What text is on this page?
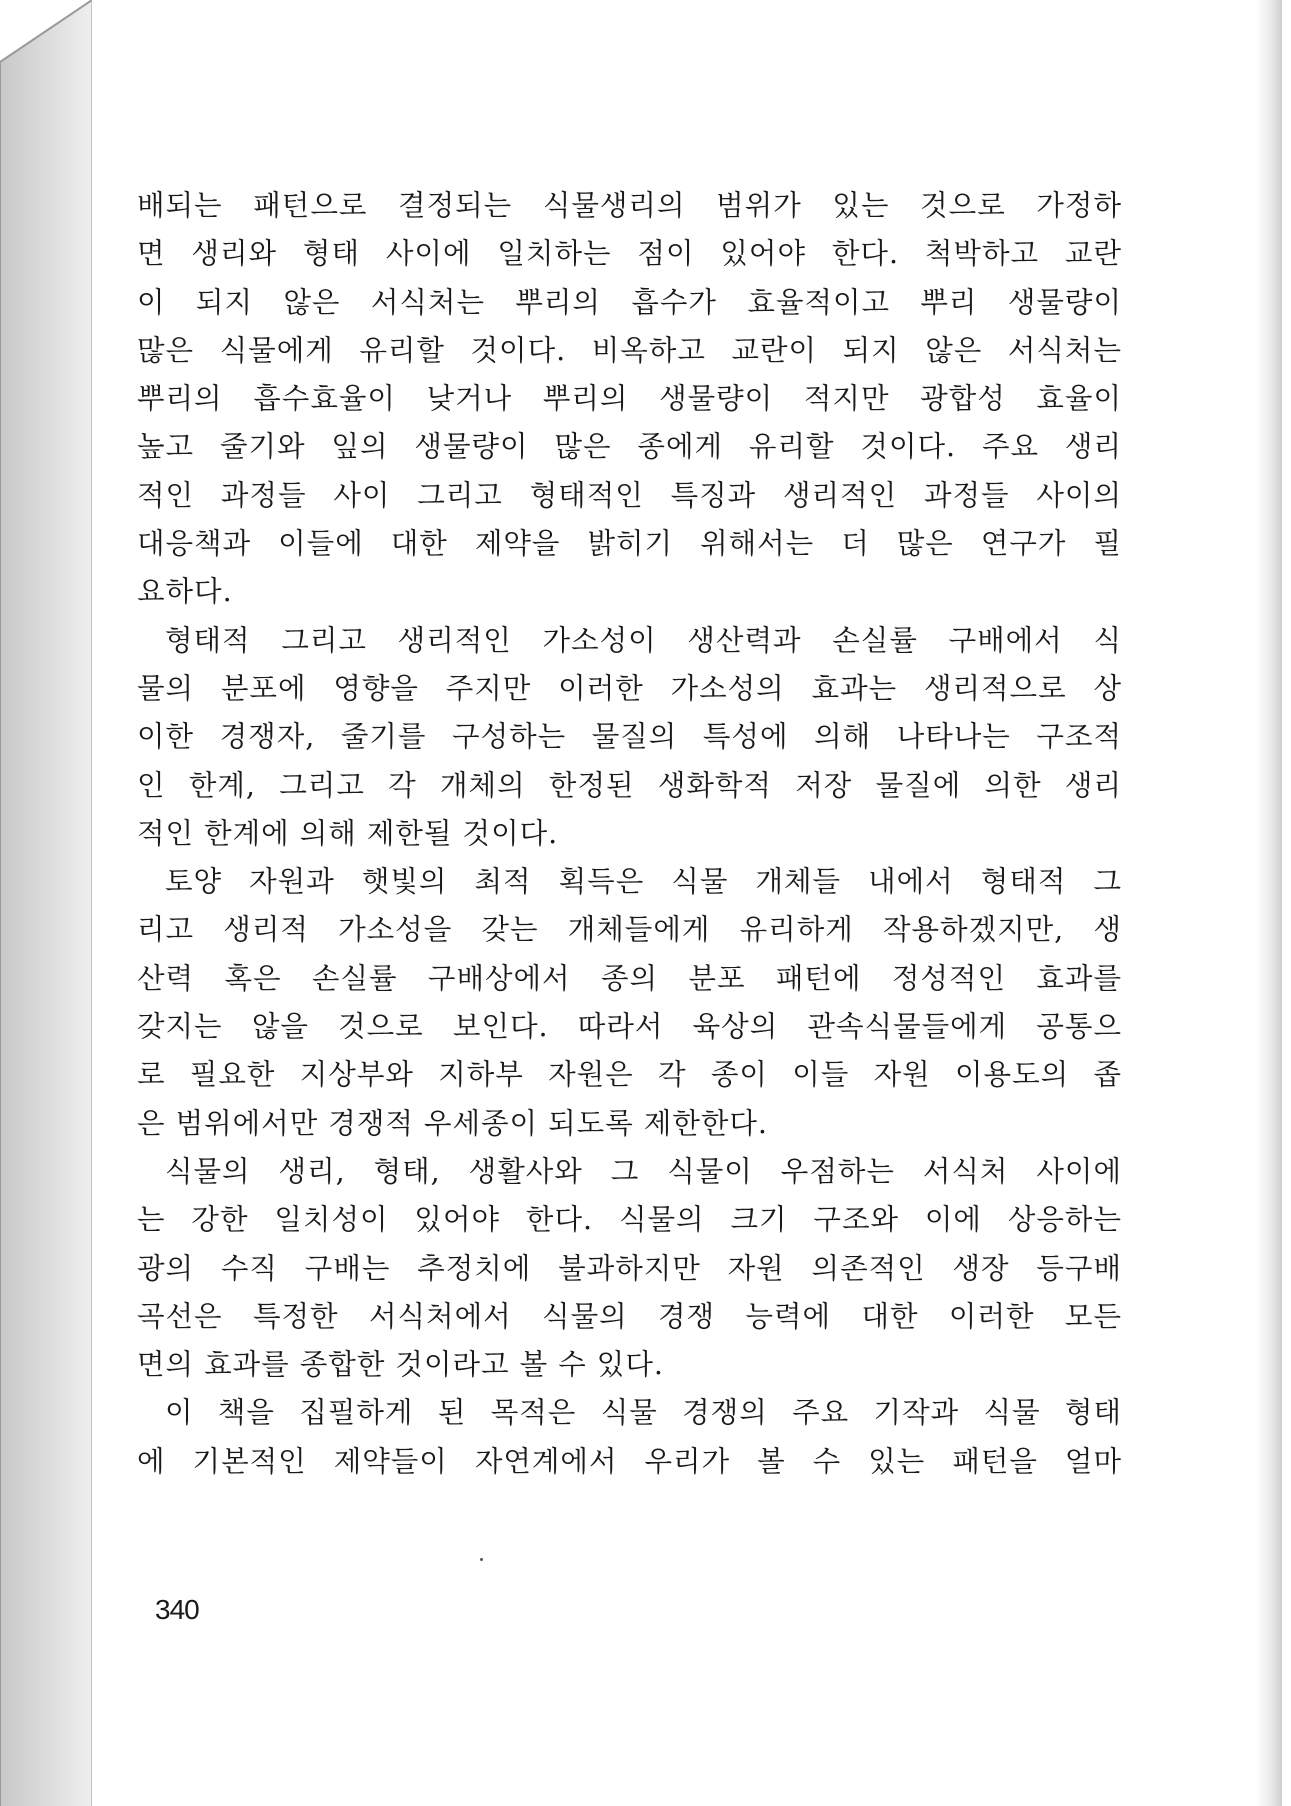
배되는 패턴으로 결정되는 식물생리의 범위가 있는 것으로 가정하
면 생리와 형태 사이에 일치하는 점이 있어야 한다. 척박하고 교란
이 되지 않은 서식처는 뿌리의 흡수가 효율적이고 뿌리 생물량이
많은 식물에게 유리할 것이다. 비옥하고 교란이 되지 않은 서식처는
뿌리의 흡수효율이 낮거나 뿌리의 생물량이 적지만 광합성 효율이
높고 줄기와 잎의 생물량이 많은 종에게 유리할 것이다. 주요 생리
적인 과정들 사이 그리고 형태적인 특징과 생리적인 과정들 사이의
대응책과 이들에 대한 제약을 밝히기 위해서는 더 많은 연구가 필
요하다.
형태적 그리고 생리적인 가소성이 생산력과 손실률 구배에서 식
물의 분포에 영향을 주지만 이러한 가소성의 효과는 생리적으로 상
이한 경쟁자, 줄기를 구성하는 물질의 특성에 의해 나타나는 구조적
인 한계, 그리고 각 개체의 한정된 생화학적 저장 물질에 의한 생리
적인 한계에 의해 제한될 것이다.
토양 자원과 햇빛의 최적 획득은 식물 개체들 내에서 형태적 그
리고 생리적 가소성을 갖는 개체들에게 유리하게 작용하겠지만, 생
산력 혹은 손실률 구배상에서 종의 분포 패턴에 정성적인 효과를
갖지는 않을 것으로 보인다. 따라서 육상의 관속식물들에게 공통으
로 필요한 지상부와 지하부 자원은 각 종이 이들 자원 이용도의 좁
은 범위에서만 경쟁적 우세종이 되도록 제한한다.
식물의 생리, 형태, 생활사와 그 식물이 우점하는 서식처 사이에
는 강한 일치성이 있어야 한다. 식물의 크기 구조와 이에 상응하는
광의 수직 구배는 추정치에 불과하지만 자원 의존적인 생장 등구배
곡선은 특정한 서식처에서 식물의 경쟁 능력에 대한 이러한 모든
면의 효과를 종합한 것이라고 볼 수 있다.
이 책을 집필하게 된 목적은 식물 경쟁의 주요 기작과 식물 형태
에 기본적인 제약들이 자연계에서 우리가 볼 수 있는 패턴을 얼마
340
